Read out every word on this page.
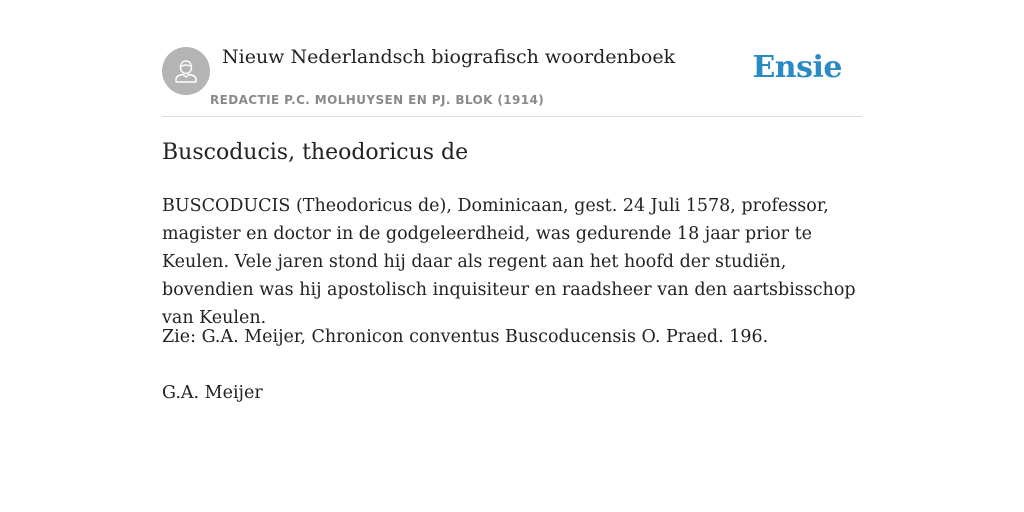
Nieuw Nederlandsch biografisch woordenboek
REDACTIE P.C. MOLHUYSEN EN PJ. BLOK (1914)
Ensie
Buscoducis, theodoricus de

BUSCODUCIS (Theodoricus de), Dominicaan, gest. 24 Juli 1578, professor, magister en doctor in de godgeleerdheid, was gedurende 18 jaar prior te Keulen. Vele jaren stond hij daar als regent aan het hoofd der studiën, bovendien was hij apostolisch inquisiteur en raadsheer van den aartsbisschop van Keulen.

Zie: G.A. Meijer, Chronicon conventus Buscoducensis O. Praed. 196.

G.A. Meijer
